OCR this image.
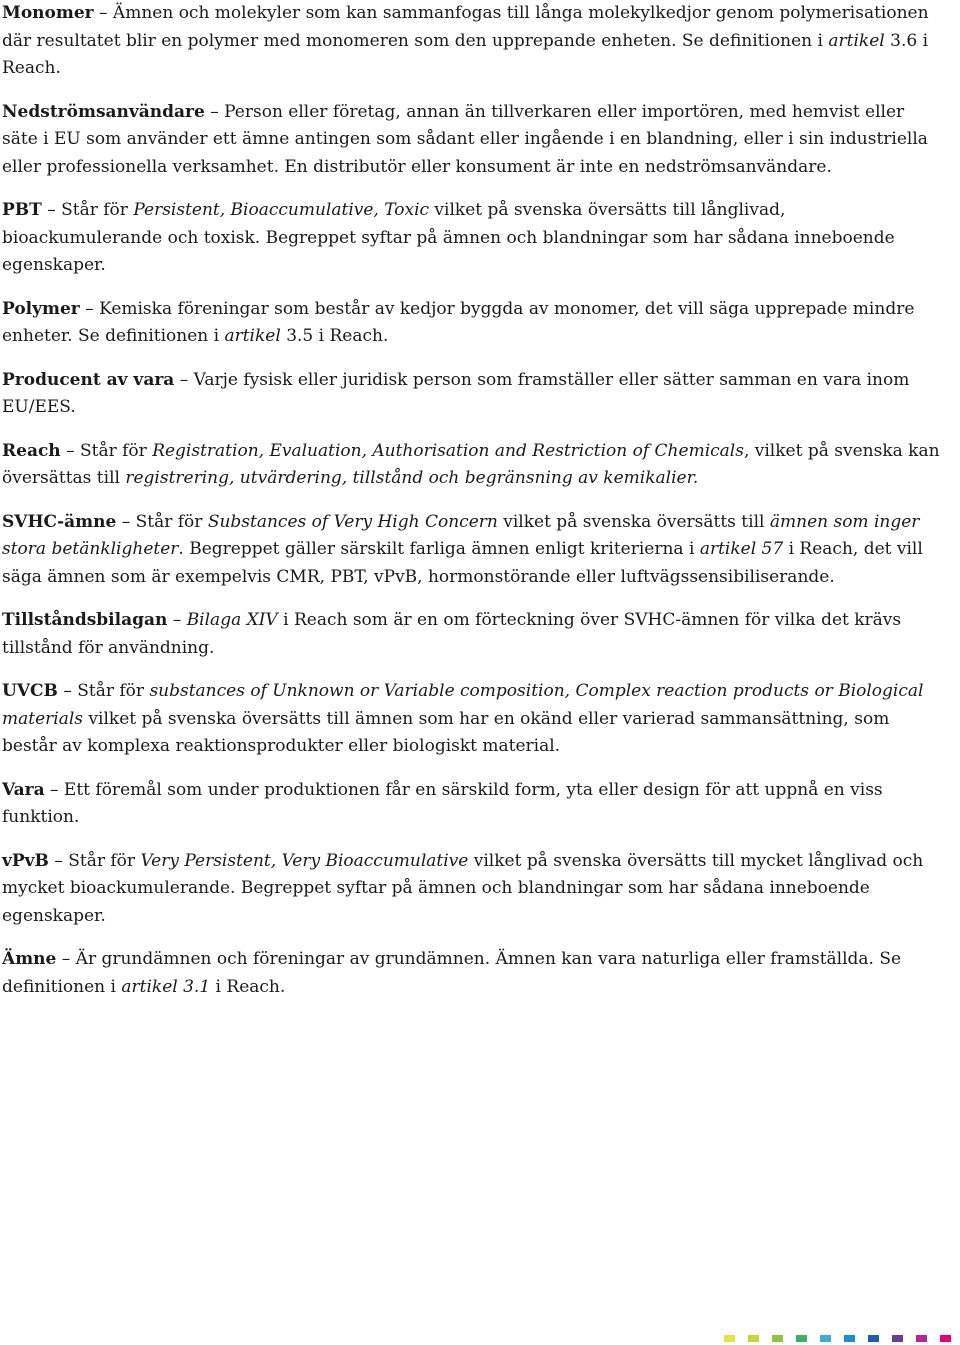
Monomer – Ämnen och molekyler som kan sammanfogas till långa molekylkedjor genom polymerisationen där resultatet blir en polymer med monomeren som den upprepande enheten. Se definitionen i artikel 3.6 i Reach.

Nedströmsanvändare – Person eller företag, annan än tillverkaren eller importören, med hemvist eller säte i EU som använder ett ämne antingen som sådant eller ingående i en blandning, eller i sin industriella eller professionella verksamhet. En distributör eller konsument är inte en nedströmsanvändare.

PBT – Står för Persistent, Bioaccumulative, Toxic vilket på svenska översätts till långlivad, bioackumulerande och toxisk. Begreppet syftar på ämnen och blandningar som har sådana inneboende egenskaper.

Polymer – Kemiska föreningar som består av kedjor byggda av monomer, det vill säga upprepade mindre enheter. Se definitionen i artikel 3.5 i Reach.

Producent av vara – Varje fysisk eller juridisk person som framställer eller sätter samman en vara inom EU/EES.

Reach – Står för Registration, Evaluation, Authorisation and Restriction of Chemicals, vilket på svenska kan översättas till registrering, utvärdering, tillstånd och begränsning av kemikalier.

SVHC-ämne – Står för Substances of Very High Concern vilket på svenska översätts till ämnen som inger stora betänkligheter. Begreppet gäller särskilt farliga ämnen enligt kriterierna i artikel 57 i Reach, det vill säga ämnen som är exempelvis CMR, PBT, vPvB, hormonstörande eller luftvägssensibiliserande.

Tillståndsbilagan – Bilaga XIV i Reach som är en om förteckning över SVHC-ämnen för vilka det krävs tillstånd för användning.

UVCB – Står för substances of Unknown or Variable composition, Complex reaction products or Biological materials vilket på svenska översätts till ämnen som har en okänd eller varierad sammansättning, som består av komplexa reaktionsprodukter eller biologiskt material.

Vara – Ett föremål som under produktionen får en särskild form, yta eller design för att uppnå en viss funktion.

vPvB – Står för Very Persistent, Very Bioaccumulative vilket på svenska översätts till mycket långlivad och mycket bioackumulerande. Begreppet syftar på ämnen och blandningar som har sådana inneboende egenskaper.

Ämne – Är grundämnen och föreningar av grundämnen. Ämnen kan vara naturliga eller framställda. Se definitionen i artikel 3.1 i Reach.
